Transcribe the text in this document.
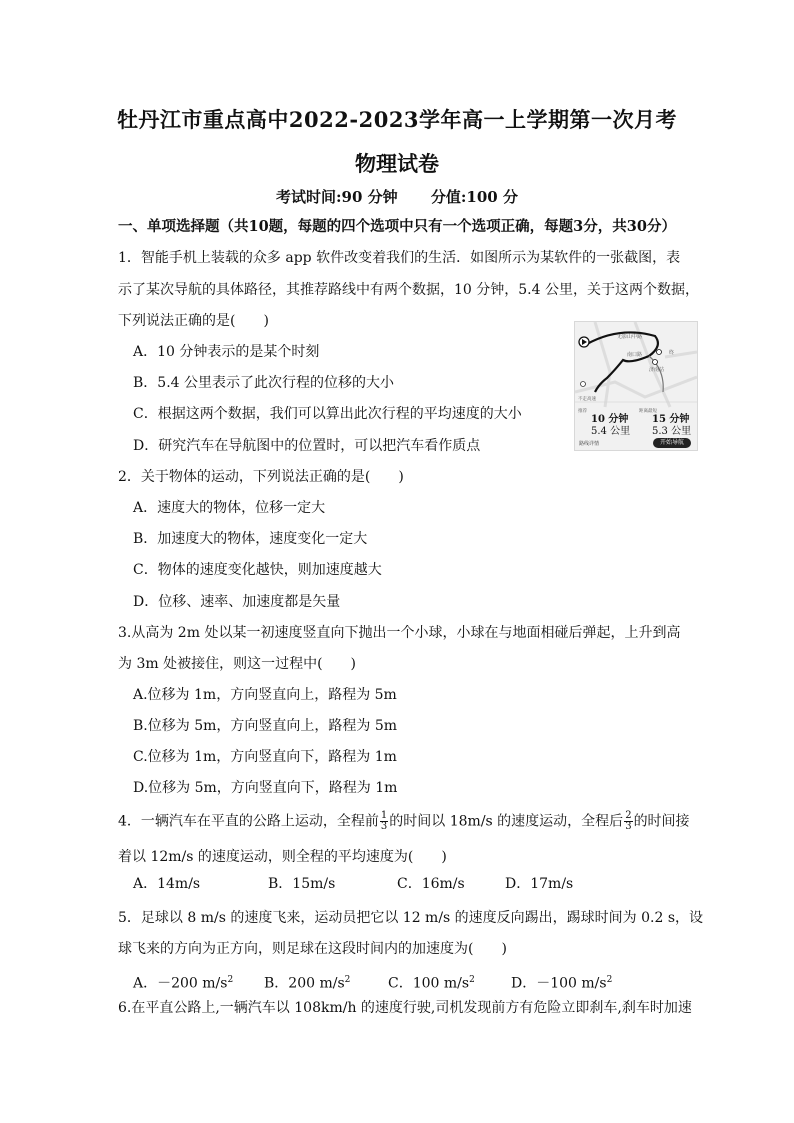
牡丹江市重点高中2022-2023学年高一上学期第一次月考
物理试卷
考试时间:90 分钟 分值:100 分
一、单项选择题（共10题，每题的四个选项中只有一个选项正确，每题3分，共30分）
1．智能手机上装载的众多 app 软件改变着我们的生活．如图所示为某软件的一张截图，表
示了某次导航的具体路径，其推荐路线中有两个数据，10 分钟，5.4 公里，关于这两个数据，
下列说法正确的是(　　)
A．10 分钟表示的是某个时刻
B．5.4 公里表示了此次行程的位移的大小
C．根据这两个数据，我们可以算出此次行程的平均速度的大小
D．研究汽车在导航图中的位置时，可以把汽车看作质点
无影山中路
南口路
济南站
终
不走高速
推荐	距离最短
10 分钟
5.4 公里
15 分钟
5.3 公里
路线详情	开始导航
2．关于物体的运动，下列说法正确的是(　　)
A．速度大的物体，位移一定大
B．加速度大的物体，速度变化一定大
C．物体的速度变化越快，则加速度越大
D．位移、速率、加速度都是矢量
3.从高为 2m 处以某一初速度竖直向下抛出一个小球，小球在与地面相碰后弹起，上升到高
为 3m 处被接住，则这一过程中(　　)
A.位移为 1m，方向竖直向上，路程为 5m
B.位移为 5m，方向竖直向上，路程为 5m
C.位移为 1m，方向竖直向下，路程为 1m
D.位移为 5m，方向竖直向下，路程为 1m
4．一辆汽车在平直的公路上运动，全程前 $\frac{1}{3}$ 的时间以 18m/s 的速度运动，全程后 $\frac{2}{3}$ 的时间接
着以 12m/s 的速度运动，则全程的平均速度为(　　)
A．14m/s	B．15m/s	C．16m/s	D．17m/s
5．足球以 8 m/s 的速度飞来，运动员把它以 12 m/s 的速度反向踢出，踢球时间为 0.2 s，设
球飞来的方向为正方向，则足球在这段时间内的加速度为(　　)
A．－200 $m/s^2$ B．200 $m/s^2$	C．100 $m/s^2$	D．－100 $m/s^2$
6.在平直公路上,一辆汽车以 108km/h 的速度行驶,司机发现前方有危险立即刹车,刹车时加速
